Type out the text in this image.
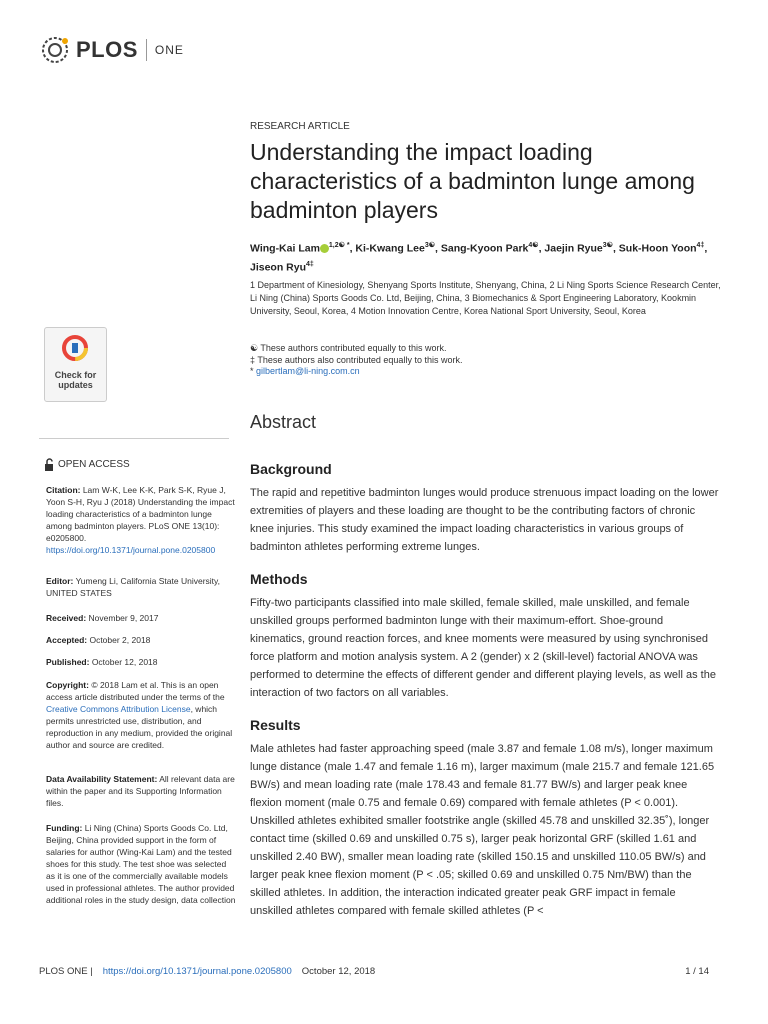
PLOS ONE
RESEARCH ARTICLE
Understanding the impact loading characteristics of a badminton lunge among badminton players
Wing-Kai Lam $^{1,2☯ *}$, Ki-Kwang Lee$^{3☯}$, Sang-Kyoon Park$^{4☯}$, Jaejin Ryue$^{3☯}$, Suk-Hoon Yoon$^{4\ddagger}$, Jiseon Ryu$^{4\ddagger}$
1 Department of Kinesiology, Shenyang Sports Institute, Shenyang, China, 2 Li Ning Sports Science Research Center, Li Ning (China) Sports Goods Co. Ltd, Beijing, China, 3 Biomechanics & Sport Engineering Laboratory, Kookmin University, Seoul, Korea, 4 Motion Innovation Centre, Korea National Sport University, Seoul, Korea
☯ These authors contributed equally to this work.
‡ These authors also contributed equally to this work.
* gilbertlam@li-ning.com.cn
Check for updates
OPEN ACCESS
Citation: Lam W-K, Lee K-K, Park S-K, Ryue J, Yoon S-H, Ryu J (2018) Understanding the impact loading characteristics of a badminton lunge among badminton players. PLoS ONE 13(10): e0205800. https://doi.org/10.1371/journal.pone.0205800
Editor: Yumeng Li, California State University, UNITED STATES
Received: November 9, 2017
Accepted: October 2, 2018
Published: October 12, 2018
Copyright: © 2018 Lam et al. This is an open access article distributed under the terms of the Creative Commons Attribution License, which permits unrestricted use, distribution, and reproduction in any medium, provided the original author and source are credited.
Data Availability Statement: All relevant data are within the paper and its Supporting Information files.
Funding: Li Ning (China) Sports Goods Co. Ltd, Beijing, China provided support in the form of salaries for author (Wing-Kai Lam) and the tested shoes for this study. The test shoe was selected as it is one of the commercially available models used in professional athletes. The author provided additional roles in the study design, data collection
Abstract
Background
The rapid and repetitive badminton lunges would produce strenuous impact loading on the lower extremities of players and these loading are thought to be the contributing factors of chronic knee injuries. This study examined the impact loading characteristics in various groups of badminton athletes performing extreme lunges.
Methods
Fifty-two participants classified into male skilled, female skilled, male unskilled, and female unskilled groups performed badminton lunge with their maximum-effort. Shoe-ground kinematics, ground reaction forces, and knee moments were measured by using synchronised force platform and motion analysis system. A 2 (gender) x 2 (skill-level) factorial ANOVA was performed to determine the effects of different gender and different playing levels, as well as the interaction of two factors on all variables.
Results
Male athletes had faster approaching speed (male 3.87 and female 1.08 m/s), longer maximum lunge distance (male 1.47 and female 1.16 m), larger maximum (male 215.7 and female 121.65 BW/s) and mean loading rate (male 178.43 and female 81.77 BW/s) and larger peak knee flexion moment (male 0.75 and female 0.69) compared with female athletes (P < 0.001). Unskilled athletes exhibited smaller footstrike angle (skilled 45.78 and unskilled 32.35˚), longer contact time (skilled 0.69 and unskilled 0.75 s), larger peak horizontal GRF (skilled 1.61 and unskilled 2.40 BW), smaller mean loading rate (skilled 150.15 and unskilled 110.05 BW/s) and larger peak knee flexion moment (P < .05; skilled 0.69 and unskilled 0.75 Nm/BW) than the skilled athletes. In addition, the interaction indicated greater peak GRF impact in female unskilled athletes compared with female skilled athletes (P <
PLOS ONE | https://doi.org/10.1371/journal.pone.0205800 October 12, 2018	1 / 14
